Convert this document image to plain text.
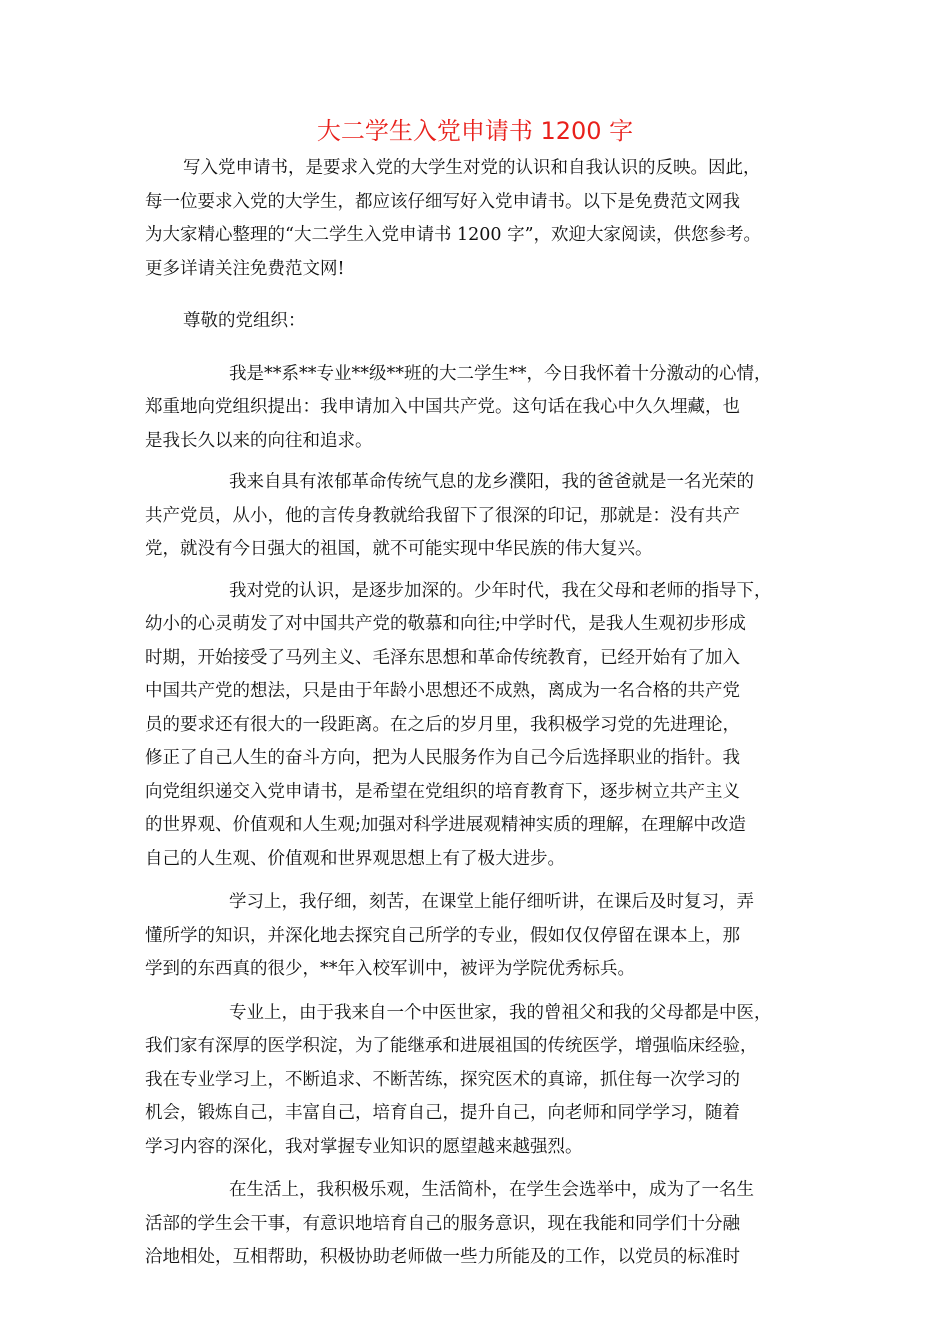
大二学生入党申请书 1200 字

写入党申请书，是要求入党的大学生对党的认识和自我认识的反映。因此，
每一位要求入党的大学生，都应该仔细写好入党申请书。以下是免费范文网我
为大家精心整理的“大二学生入党申请书 1200 字”，欢迎大家阅读，供您参考。
更多详请关注免费范文网!

尊敬的党组织：

我是**系**专业**级**班的大二学生**，今日我怀着十分激动的心情，
郑重地向党组织提出：我申请加入中国共产党。这句话在我心中久久埋藏，也
是我长久以来的向往和追求。

我来自具有浓郁革命传统气息的龙乡濮阳，我的爸爸就是一名光荣的
共产党员，从小，他的言传身教就给我留下了很深的印记，那就是：没有共产
党，就没有今日强大的祖国，就不可能实现中华民族的伟大复兴。

我对党的认识，是逐步加深的。少年时代，我在父母和老师的指导下，
幼小的心灵萌发了对中国共产党的敬慕和向往;中学时代，是我人生观初步形成
时期，开始接受了马列主义、毛泽东思想和革命传统教育，已经开始有了加入
中国共产党的想法，只是由于年龄小思想还不成熟，离成为一名合格的共产党
员的要求还有很大的一段距离。在之后的岁月里，我积极学习党的先进理论，
修正了自己人生的奋斗方向，把为人民服务作为自己今后选择职业的指针。我
向党组织递交入党申请书，是希望在党组织的培育教育下，逐步树立共产主义
的世界观、价值观和人生观;加强对科学进展观精神实质的理解，在理解中改造
自己的人生观、价值观和世界观思想上有了极大进步。

学习上，我仔细，刻苦，在课堂上能仔细听讲，在课后及时复习，弄
懂所学的知识，并深化地去探究自己所学的专业，假如仅仅停留在课本上，那
学到的东西真的很少，**年入校军训中，被评为学院优秀标兵。

专业上，由于我来自一个中医世家，我的曾祖父和我的父母都是中医，
我们家有深厚的医学积淀，为了能继承和进展祖国的传统医学，增强临床经验，
我在专业学习上，不断追求、不断苦练，探究医术的真谛，抓住每一次学习的
机会，锻炼自己，丰富自己，培育自己，提升自己，向老师和同学学习，随着
学习内容的深化，我对掌握专业知识的愿望越来越强烈。

在生活上，我积极乐观，生活简朴，在学生会选举中，成为了一名生
活部的学生会干事，有意识地培育自己的服务意识，现在我能和同学们十分融
洽地相处，互相帮助，积极协助老师做一些力所能及的工作，以党员的标准时
